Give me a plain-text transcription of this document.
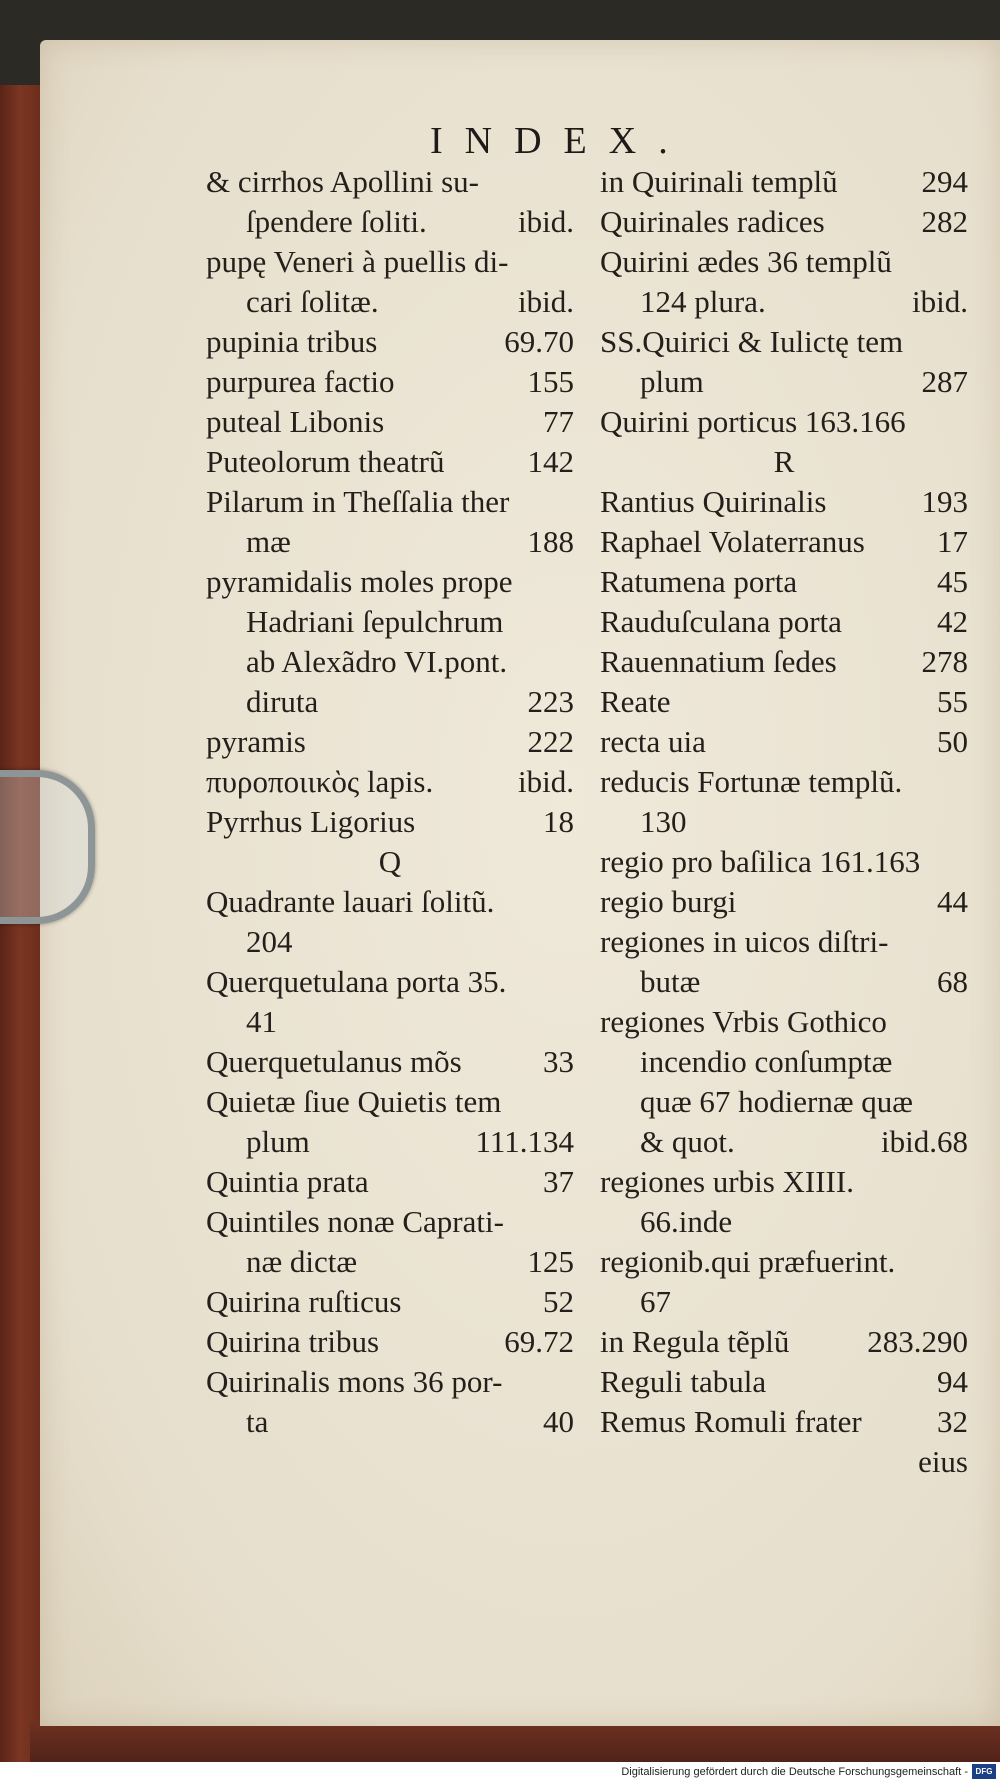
INDEX.
& cirrhos Apollini su-
ſpendere ſoliti.	ibid.
pupę Veneri à puellis di-
cari ſolitæ.	ibid.
pupinia tribus	69.70
purpurea factio	155
puteal Libonis	77
Puteolorum theatrũ	142
Pilarum in Theſſalia ther
mæ	188
pyramidalis moles prope
Hadriani ſepulchrum
ab Alexãdro VI.pont.
diruta	223
pyramis	222
πυροποιικὸς lapis.	ibid.
Pyrrhus Ligorius	18
Q
Quadrante lauari ſolitũ.
204
Querquetulana porta 35.
41
Querquetulanus mõs	33
Quietæ ſiue Quietis tem
plum	111.134
Quintia prata	37
Quintiles nonæ Caprati-
næ dictæ	125
Quirina ruſticus	52
Quirina tribus	69.72
Quirinalis mons 36 por-
ta	40
in Quirinali templũ	294
Quirinales radices	282
Quirini ædes 36 templũ
124 plura.	ibid.
SS.Quirici & Iulictę tem
plum	287
Quirini porticus 163.166
R
Rantius Quirinalis	193
Raphael Volaterranus 17
Ratumena porta	45
Rauduſculana porta	42
Rauennatium ſedes	278
Reate	55
recta uia	50
reducis Fortunæ templũ.
130
regio pro baſilica 161.163
regio burgi	44
regiones in uicos diſtri-
butæ	68
regiones Vrbis Gothico
incendio conſumptæ
quæ 67 hodiernæ quæ
& quot.	ibid.68
regiones urbis XIIII.
66.inde
regionib.qui præfuerint.
67
in Regula tẽplũ	283.290
Reguli tabula	94
Remus Romuli frater 32
eius
Digitalisierung gefördert durch die Deutsche Forschungsgemeinschaft - DFG
